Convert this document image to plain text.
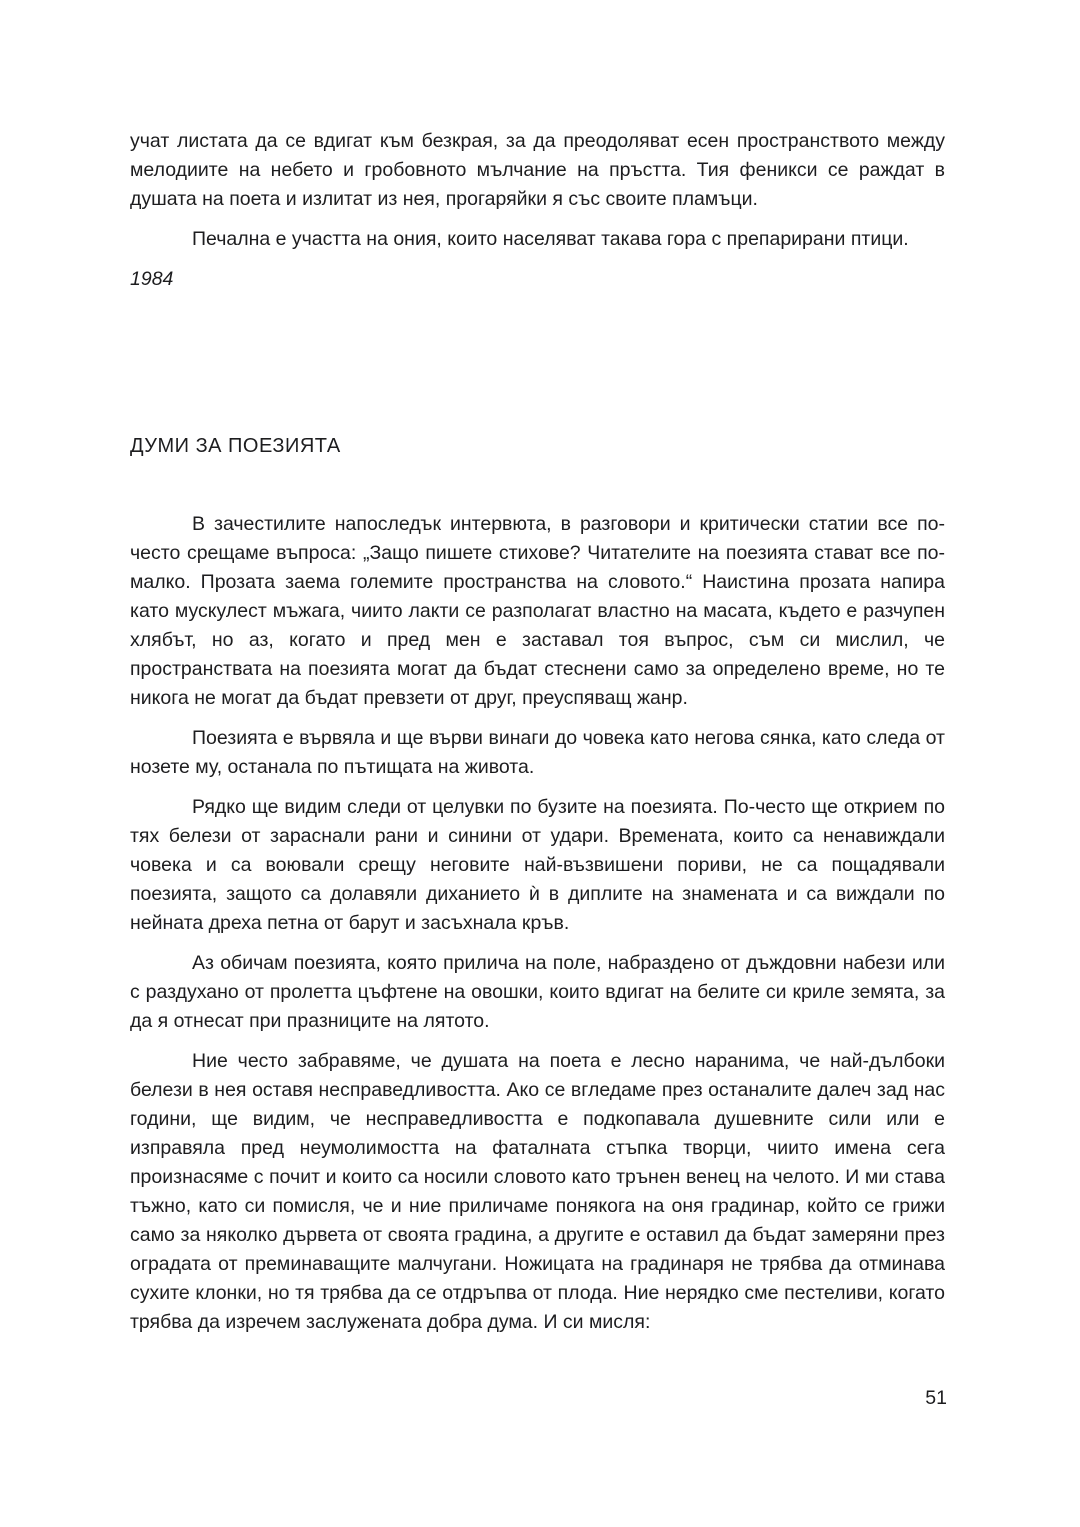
учат листата да се вдигат към безкрая, за да преодоляват есен пространството между мелодиите на небето и гробовното мълчание на пръстта. Тия феникси се раждат в душата на поета и излитат из нея, прогаряйки я със своите пламъци.

Печална е участта на ония, които населяват такава гора с препарирани птици.

1984

ДУМИ ЗА ПОЕЗИЯТА

В зачестилите напоследък интервюта, в разговори и критически статии все по-често срещаме въпроса: „Защо пишете стихове? Читателите на поезията стават все по-малко. Прозата заема големите пространства на словото.“ Наистина прозата напира като мускулест мъжага, чиито лакти се разполагат властно на масата, където е разчупен хлябът, но аз, когато и пред мен е заставал тоя въпрос, съм си мислил, че пространствата на поезията могат да бъдат стеснени само за определено време, но те никога не могат да бъдат превзети от друг, преуспяващ жанр.

Поезията е вървяла и ще върви винаги до човека като негова сянка, като следа от нозете му, останала по пътищата на живота.

Рядко ще видим следи от целувки по бузите на поезията. По-често ще открием по тях белези от зараснали рани и синини от удари. Времената, които са ненавиждали човека и са воювали срещу неговите най-възвишени пориви, не са пощадявали поезията, защото са долавяли диханието ѝ в диплите на знамената и са виждали по нейната дреха петна от барут и засъхнала кръв.

Аз обичам поезията, която прилича на поле, набраздено от дъждовни набези или с раздухано от пролетта цъфтене на овошки, които вдигат на белите си криле земята, за да я отнесат при празниците на лятото.

Ние често забравяме, че душата на поета е лесно наранима, че най-дълбоки белези в нея оставя несправедливостта. Ако се вгледаме през останалите далеч зад нас години, ще видим, че несправедливостта е подкопавала душевните сили или е изправяла пред неумолимостта на фаталната стъпка творци, чиито имена сега произнасяме с почит и които са носили словото като трънен венец на челото. И ми става тъжно, като си помисля, че и ние приличаме понякога на оня градинар, който се грижи само за няколко дървета от своята градина, а другите е оставил да бъдат замеряни през оградата от преминаващите малчугани. Ножицата на градинаря не трябва да отминава сухите клонки, но тя трябва да се отдръпва от плода. Ние нерядко сме пестеливи, когато трябва да изречем заслужената добра дума. И си мисля:

51
